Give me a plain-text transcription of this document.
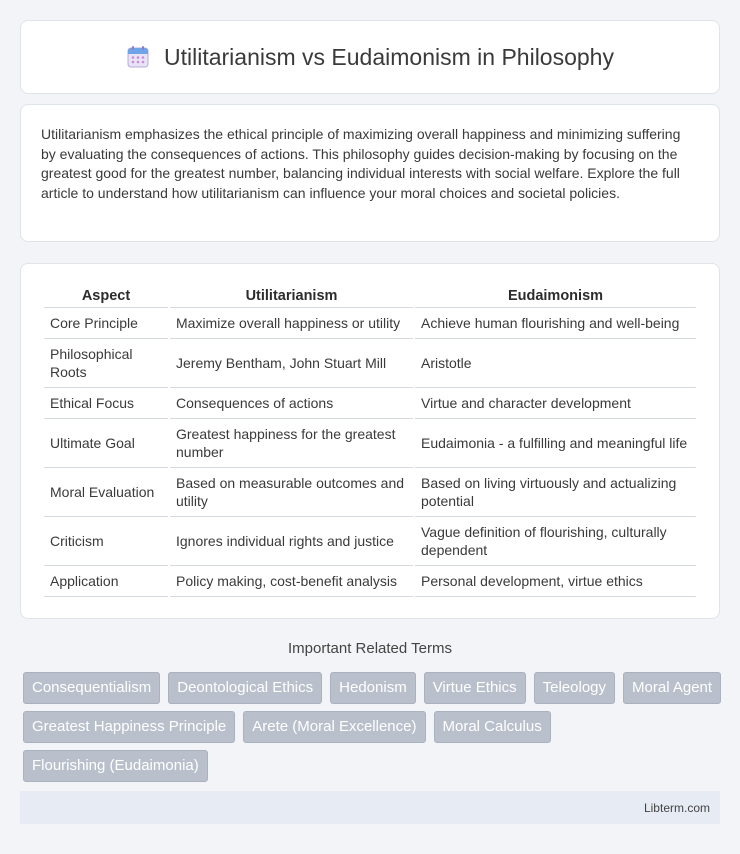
Utilitarianism vs Eudaimonism in Philosophy

Utilitarianism emphasizes the ethical principle of maximizing overall happiness and minimizing suffering by evaluating the consequences of actions. This philosophy guides decision-making by focusing on the greatest good for the greatest number, balancing individual interests with social welfare. Explore the full article to understand how utilitarianism can influence your moral choices and societal policies.

Aspect	Utilitarianism	Eudaimonism
Core Principle	Maximize overall happiness or utility	Achieve human flourishing and well-being
Philosophical Roots	Jeremy Bentham, John Stuart Mill	Aristotle
Ethical Focus	Consequences of actions	Virtue and character development
Ultimate Goal	Greatest happiness for the greatest number	Eudaimonia - a fulfilling and meaningful life
Moral Evaluation	Based on measurable outcomes and utility	Based on living virtuously and actualizing potential
Criticism	Ignores individual rights and justice	Vague definition of flourishing, culturally dependent
Application	Policy making, cost-benefit analysis	Personal development, virtue ethics
Important Related Terms
Consequentialism	Deontological Ethics	Hedonism	Virtue Ethics	Teleology	Moral Agent
Greatest Happiness Principle	Arete (Moral Excellence)	Moral Calculus
Flourishing (Eudaimonia)
Libterm.com
